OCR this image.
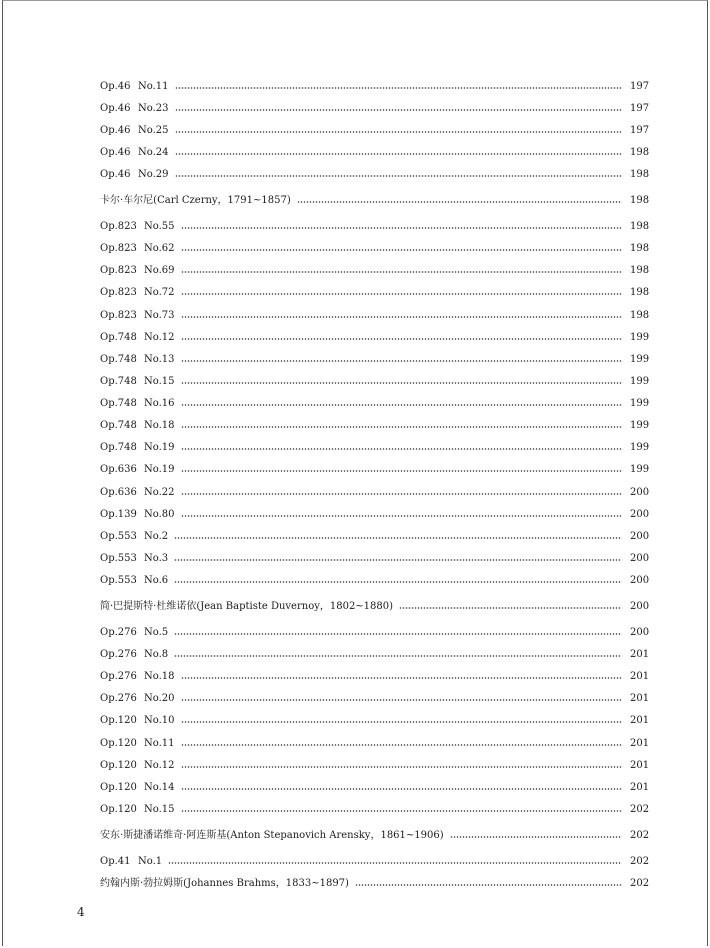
Op.46 No.11	197
Op.46 No.23	197
Op.46 No.25	197
Op.46 No.24	198
Op.46 No.29	198
卡尔·车尔尼(Carl Czerny，1791~1857)	198
Op.823 No.55	198
Op.823 No.62	198
Op.823 No.69	198
Op.823 No.72	198
Op.823 No.73	198
Op.748 No.12	199
Op.748 No.13	199
Op.748 No.15	199
Op.748 No.16	199
Op.748 No.18	199
Op.748 No.19	199
Op.636 No.19	199
Op.636 No.22	200
Op.139 No.80	200
Op.553 No.2	200
Op.553 No.3	200
Op.553 No.6	200
简·巴提斯特·杜维诺依(Jean Baptiste Duvernoy，1802~1880)	200
Op.276 No.5	200
Op.276 No.8	201
Op.276 No.18	201
Op.276 No.20	201
Op.120 No.10	201
Op.120 No.11	201
Op.120 No.12	201
Op.120 No.14	201
Op.120 No.15	202
安东·斯捷潘诺维奇·阿连斯基(Anton Stepanovich Arensky，1861~1906)	202
Op.41 No.1	202
约翰内斯·勃拉姆斯(Johannes Brahms，1833~1897)	202
4
